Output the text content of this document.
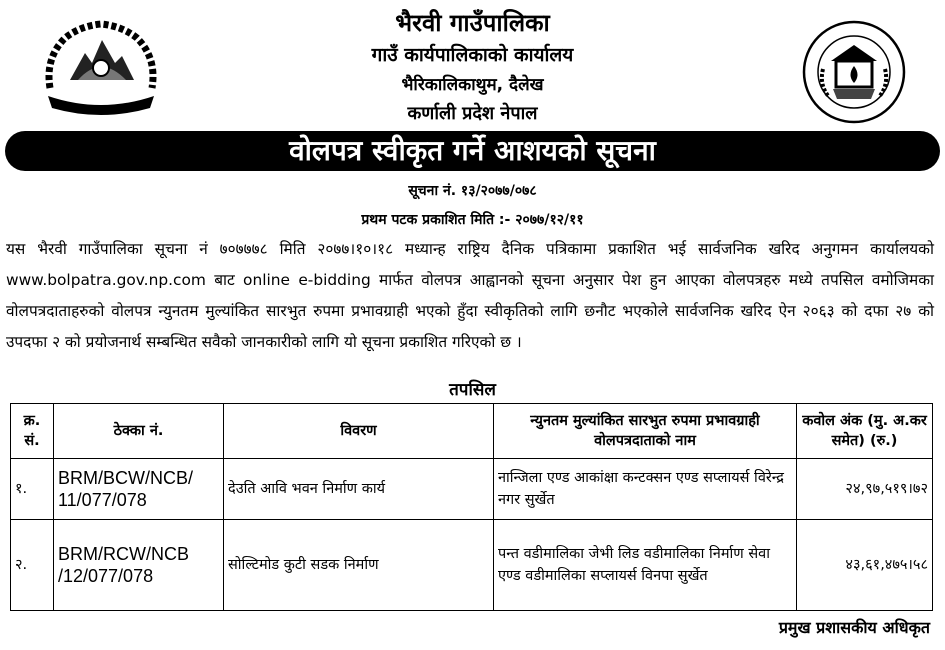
भैरवी गाउँपालिका
गाउँ कार्यपालिकाको कार्यालय
भैरिकालिकाथुम, दैलेख
कर्णाली प्रदेश नेपाल
वोलपत्र स्वीकृत गर्ने आशयको सूचना
सूचना नं. १३/२०७७/०७८
प्रथम पटक प्रकाशित मिति :- २०७७/१२/११
यस भैरवी गाउँपालिका सूचना नं ७०७७७८ मिति २०७७।१०।१८ मध्यान्ह राष्ट्रिय दैनिक पत्रिकामा प्रकाशित भई सार्वजनिक खरिद अनुगमन कार्यालयको www.bolpatra.gov.np.com बाट online e-bidding मार्फत वोलपत्र आह्वानको सूचना अनुसार पेश हुन आएका वोलपत्रहरु मध्ये तपसिल वमोजिमका वोलपत्रदाताहरुको वोलपत्र न्युनतम मुल्यांकित सारभुत रुपमा प्रभावग्राही भएको हुँदा स्वीकृतिको लागि छनौट भएकोले सार्वजनिक खरिद ऐन २०६३ को दफा २७ को उपदफा २ को प्रयोजनार्थ सम्बन्धित सवैको जानकारीको लागि यो सूचना प्रकाशित गरिएको छ ।
तपसिल
क्र. सं.	ठेक्का नं.	विवरण	न्युनतम मुल्यांकित सारभुत रुपमा प्रभावग्राही वोलपत्रदाताको नाम	कवोल अंक (मु. अ.कर समेत) (रु.)
१.	BRM/BCW/NCB/ 11/077/078	देउति आवि भवन निर्माण कार्य	नान्जिला एण्ड आकांक्षा कन्टक्सन एण्ड सप्लायर्स विरेन्द्र नगर सुर्खेत	२४,९७,५१९।७२
२.	BRM/RCW/NCB /12/077/078	सोल्टिमोड कुटी सडक निर्माण	पन्त वडीमालिका जेभी लिड वडीमालिका निर्माण सेवा एण्ड वडीमालिका सप्लायर्स विनपा सुर्खेत	४३,६१,४७५।५८
प्रमुख प्रशासकीय अधिकृत
